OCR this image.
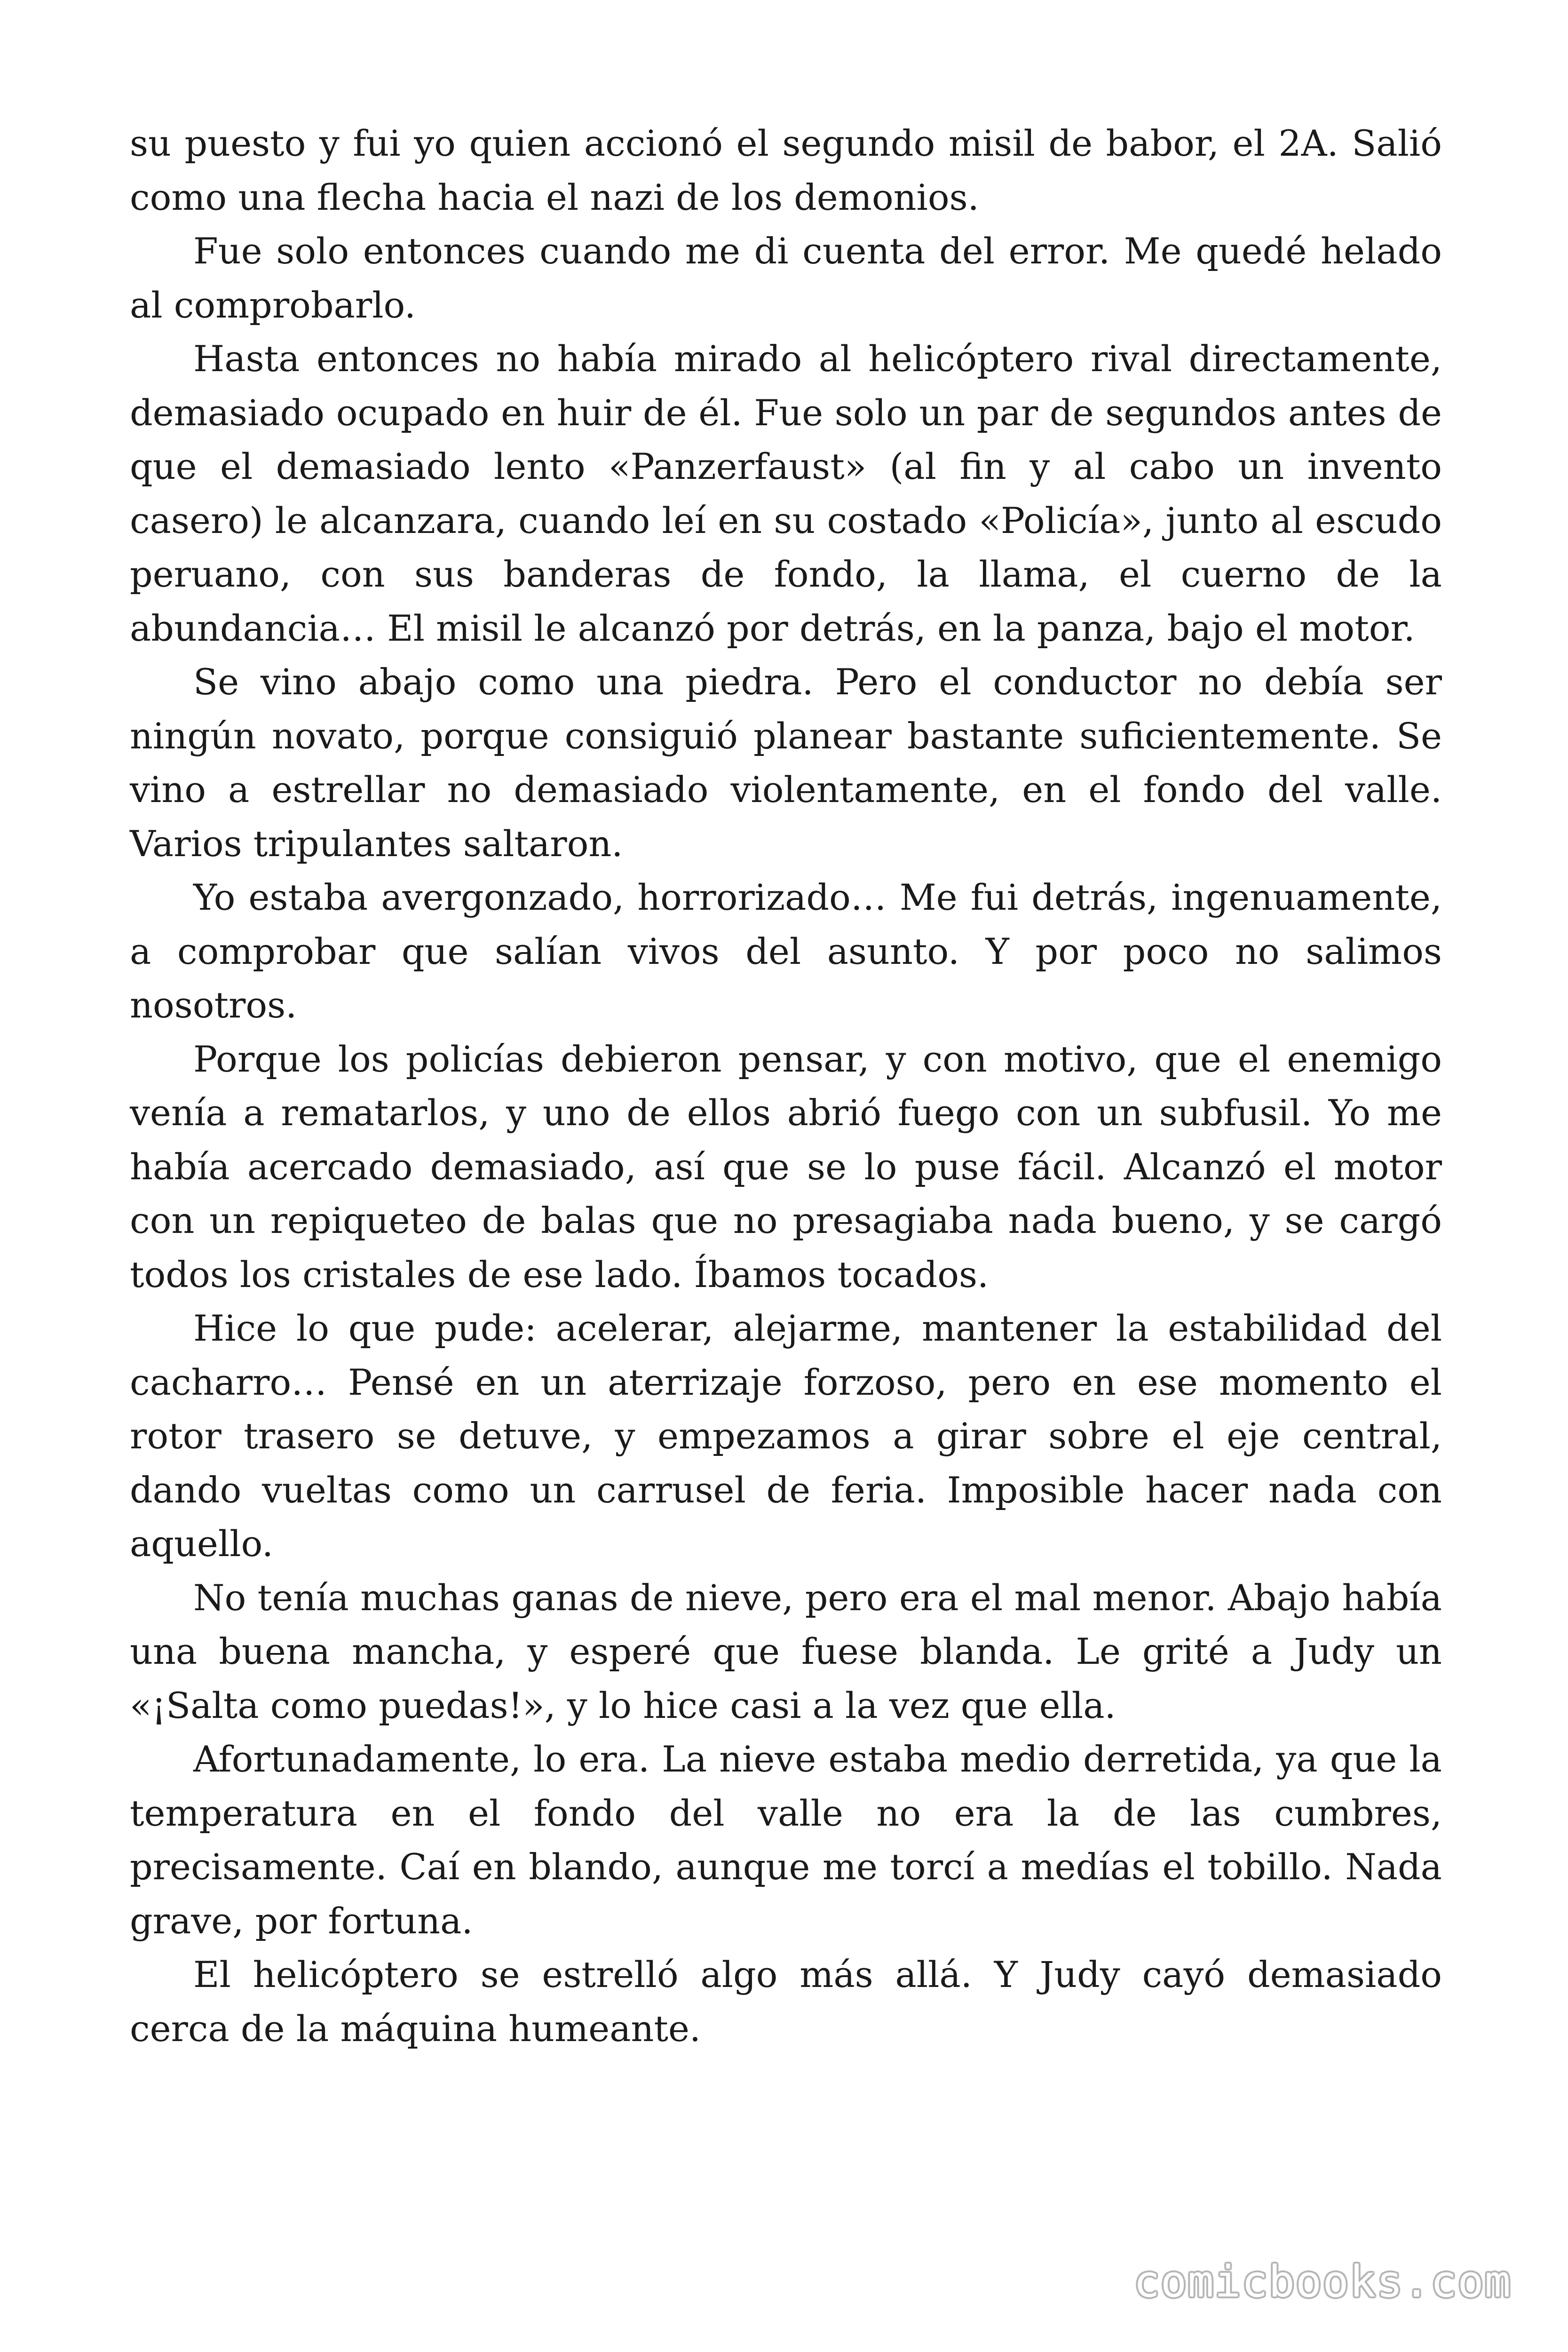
su puesto y fui yo quien accionó el segundo misil de babor, el 2A. Salió como una flecha hacia el nazi de los demonios.

Fue solo entonces cuando me di cuenta del error. Me quedé helado al comprobarlo.

Hasta entonces no había mirado al helicóptero rival directamente, demasiado ocupado en huir de él. Fue solo un par de segundos antes de que el demasiado lento «Panzerfaust» (al fin y al cabo un invento casero) le alcanzara, cuando leí en su costado «Policía», junto al escudo peruano, con sus banderas de fondo, la llama, el cuerno de la abundancia… El misil le alcanzó por detrás, en la panza, bajo el motor.

Se vino abajo como una piedra. Pero el conductor no debía ser ningún novato, porque consiguió planear bastante suficientemente. Se vino a estrellar no demasiado violentamente, en el fondo del valle. Varios tripulantes saltaron.

Yo estaba avergonzado, horrorizado… Me fui detrás, ingenuamente, a comprobar que salían vivos del asunto. Y por poco no salimos nosotros.

Porque los policías debieron pensar, y con motivo, que el enemigo venía a rematarlos, y uno de ellos abrió fuego con un subfusil. Yo me había acercado demasiado, así que se lo puse fácil. Alcanzó el motor con un repiqueteo de balas que no presagiaba nada bueno, y se cargó todos los cristales de ese lado. Íbamos tocados.

Hice lo que pude: acelerar, alejarme, mantener la estabilidad del cacharro… Pensé en un aterrizaje forzoso, pero en ese momento el rotor trasero se detuve, y empezamos a girar sobre el eje central, dando vueltas como un carrusel de feria. Imposible hacer nada con aquello.

No tenía muchas ganas de nieve, pero era el mal menor. Abajo había una buena mancha, y esperé que fuese blanda. Le grité a Judy un «¡Salta como puedas!», y lo hice casi a la vez que ella.

Afortunadamente, lo era. La nieve estaba medio derretida, ya que la temperatura en el fondo del valle no era la de las cumbres, precisamente. Caí en blando, aunque me torcí a medías el tobillo. Nada grave, por fortuna.

El helicóptero se estrelló algo más allá. Y Judy cayó demasiado cerca de la máquina humeante.

comicbooks.com
